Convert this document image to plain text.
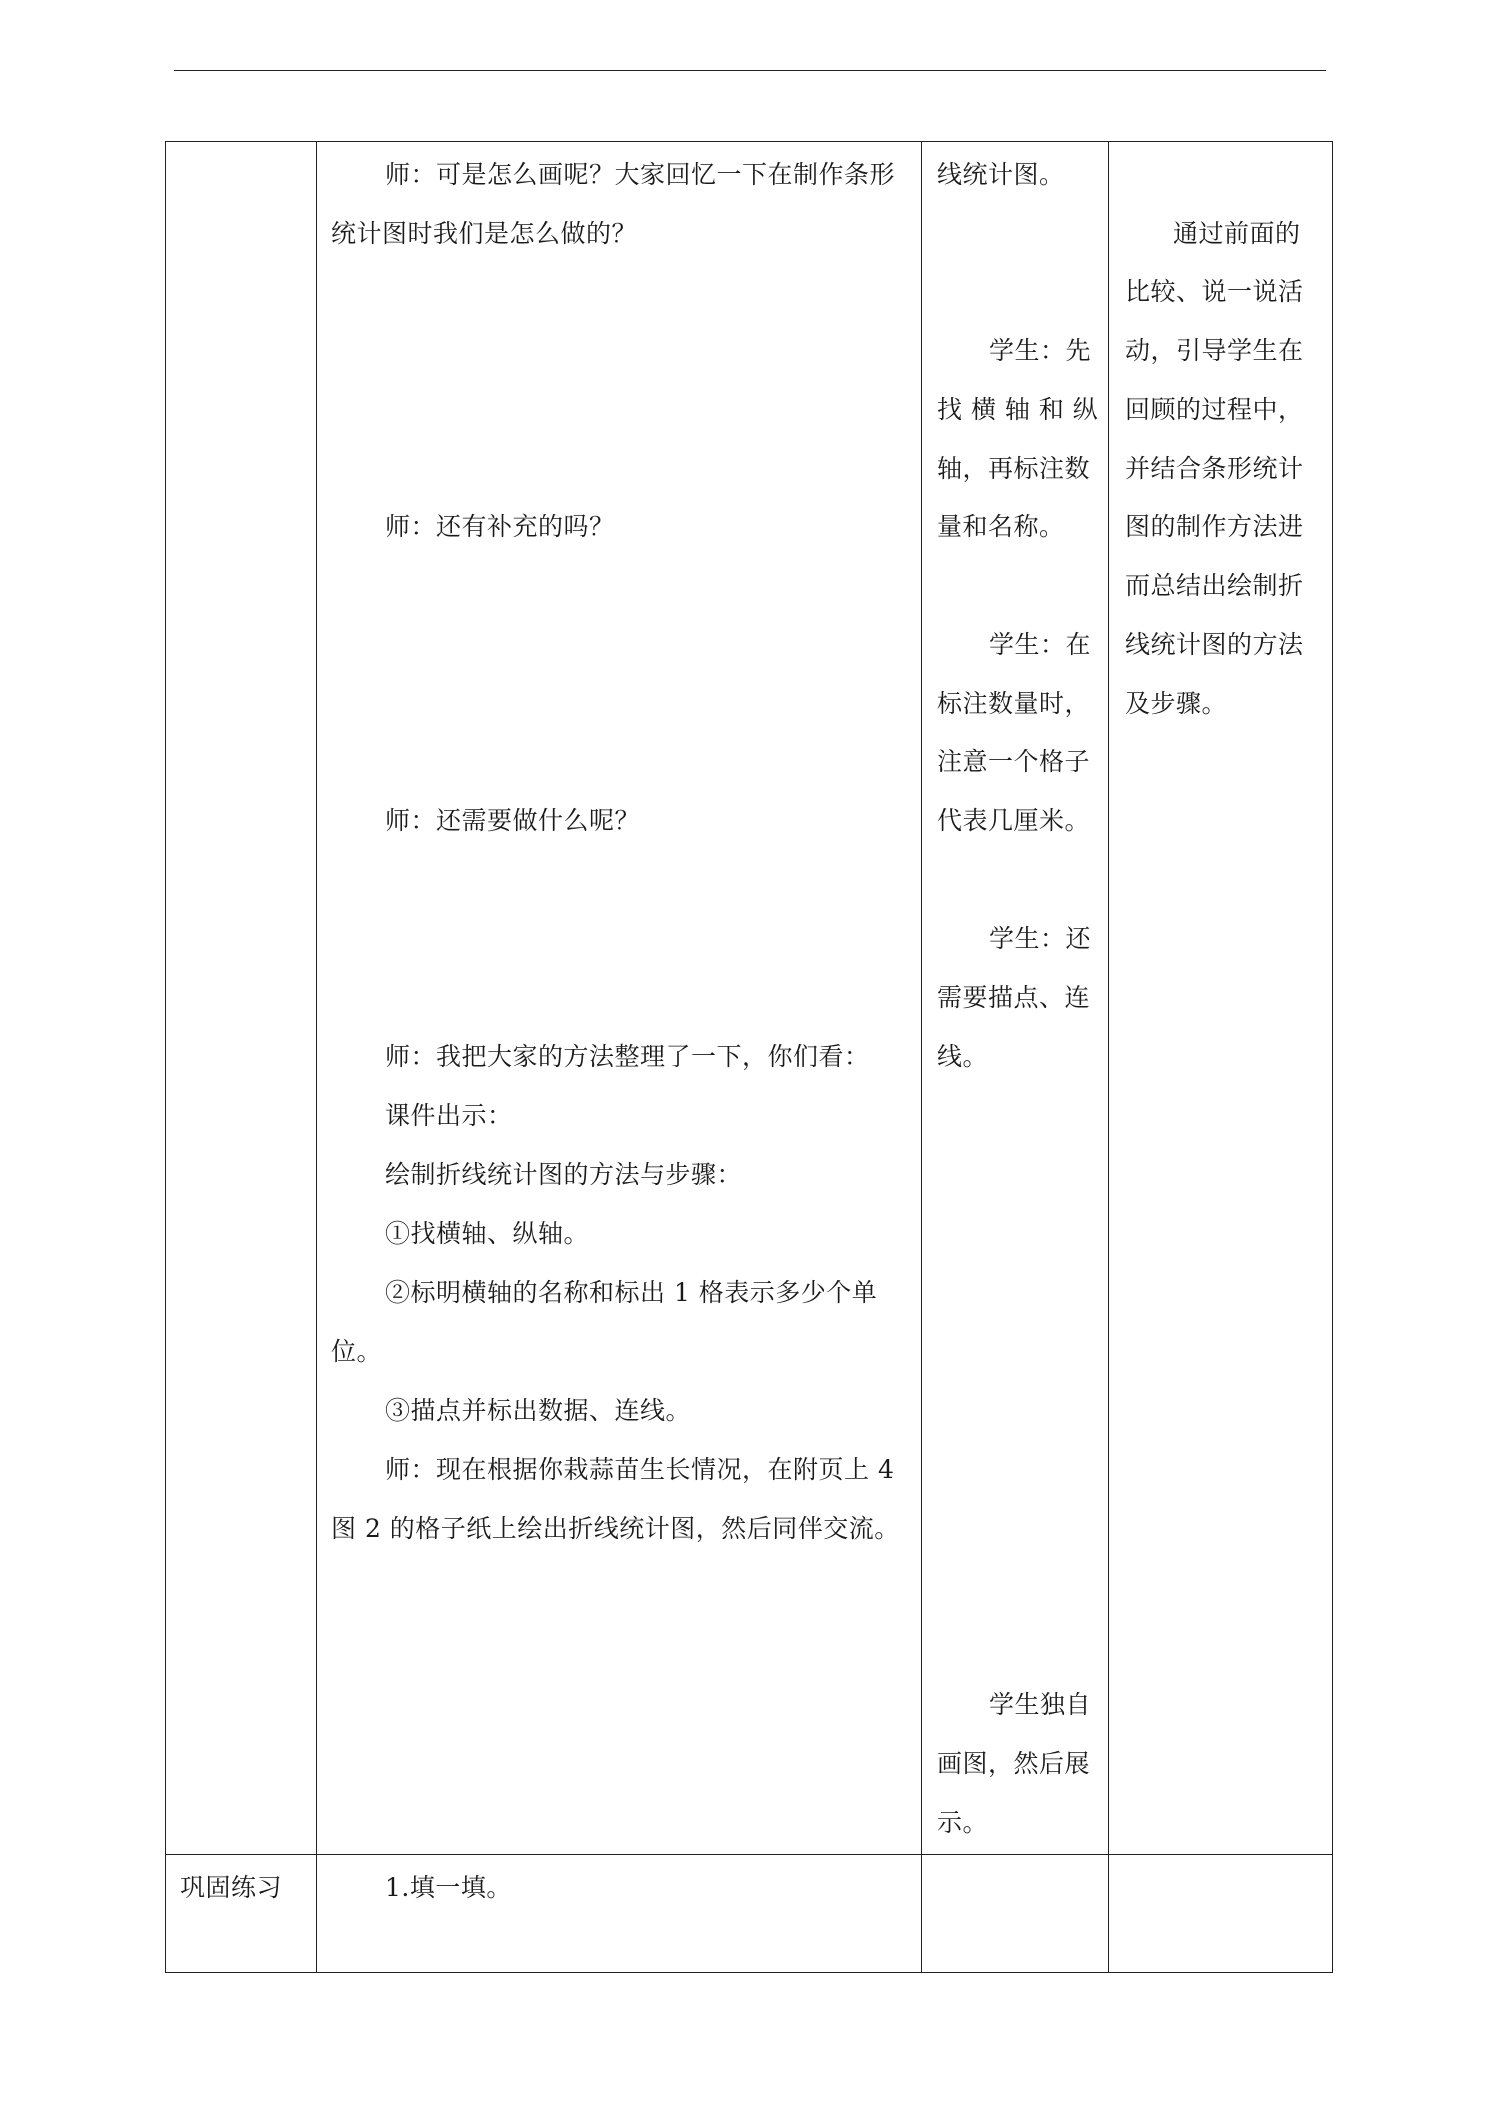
师：可是怎么画呢？大家回忆一下在制作条形
统计图时我们是怎么做的？
师：还有补充的吗？
师：还需要做什么呢？
师：我把大家的方法整理了一下，你们看：
课件出示：
绘制折线统计图的方法与步骤：
①找横轴、纵轴。
②标明横轴的名称和标出 1 格表示多少个单
位。
③描点并标出数据、连线。
师：现在根据你栽蒜苗生长情况，在附页上 4
图 2 的格子纸上绘出折线统计图，然后同伴交流。
线统计图。
学生：先
找 横 轴 和 纵
轴，再标注数
量和名称。
学生：在
标注数量时，
注意一个格子
代表几厘米。
学生：还
需要描点、连
线。
学生独自
画图，然后展
示。
通过前面的
比较、说一说活
动，引导学生在
回顾的过程中，
并结合条形统计
图的制作方法进
而总结出绘制折
线统计图的方法
及步骤。
巩固练习	1.填一填。
